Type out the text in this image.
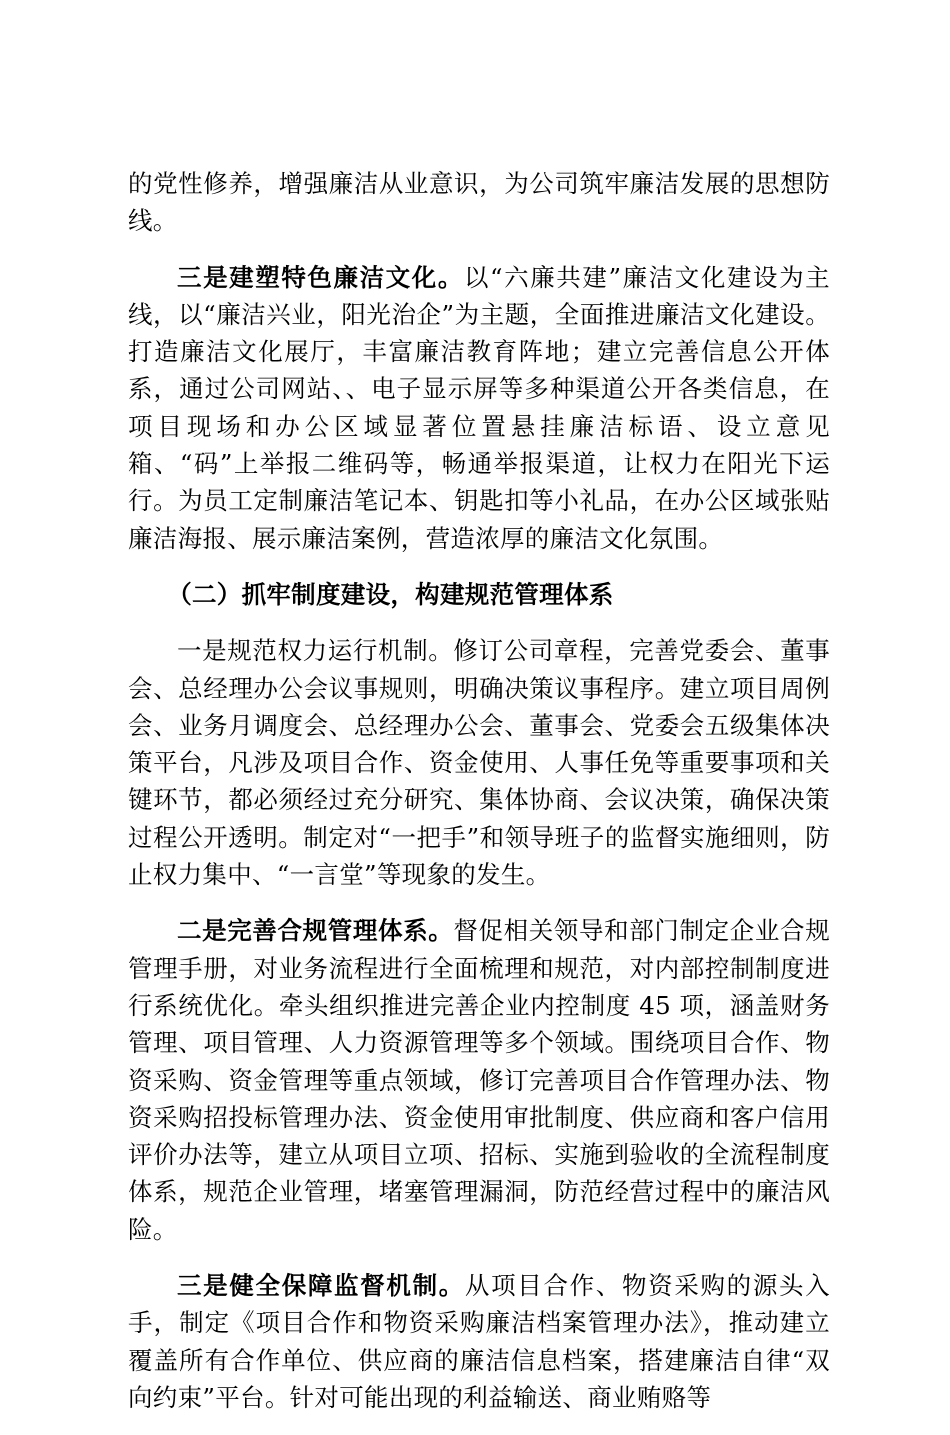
的党性修养，增强廉洁从业意识，为公司筑牢廉洁发展的思想防线。

三是建塑特色廉洁文化。以“六廉共建”廉洁文化建设为主线，以“廉洁兴业，阳光治企”为主题，全面推进廉洁文化建设。打造廉洁文化展厅，丰富廉洁教育阵地；建立完善信息公开体系，通过公司网站、、电子显示屏等多种渠道公开各类信息，在项目现场和办公区域显著位置悬挂廉洁标语、设立意见箱、“码”上举报二维码等，畅通举报渠道，让权力在阳光下运行。为员工定制廉洁笔记本、钥匙扣等小礼品，在办公区域张贴廉洁海报、展示廉洁案例，营造浓厚的廉洁文化氛围。

（二）抓牢制度建设，构建规范管理体系

一是规范权力运行机制。修订公司章程，完善党委会、董事会、总经理办公会议事规则，明确决策议事程序。建立项目周例会、业务月调度会、总经理办公会、董事会、党委会五级集体决策平台，凡涉及项目合作、资金使用、人事任免等重要事项和关键环节，都必须经过充分研究、集体协商、会议决策，确保决策过程公开透明。制定对“一把手”和领导班子的监督实施细则，防止权力集中、“一言堂”等现象的发生。

二是完善合规管理体系。督促相关领导和部门制定企业合规管理手册，对业务流程进行全面梳理和规范，对内部控制制度进行系统优化。牵头组织推进完善企业内控制度 45 项，涵盖财务管理、项目管理、人力资源管理等多个领域。围绕项目合作、物资采购、资金管理等重点领域，修订完善项目合作管理办法、物资采购招投标管理办法、资金使用审批制度、供应商和客户信用评价办法等，建立从项目立项、招标、实施到验收的全流程制度体系，规范企业管理，堵塞管理漏洞，防范经营过程中的廉洁风险。

三是健全保障监督机制。从项目合作、物资采购的源头入手，制定《项目合作和物资采购廉洁档案管理办法》，推动建立覆盖所有合作单位、供应商的廉洁信息档案，搭建廉洁自律“双向约束”平台。针对可能出现的利益输送、商业贿赂等
